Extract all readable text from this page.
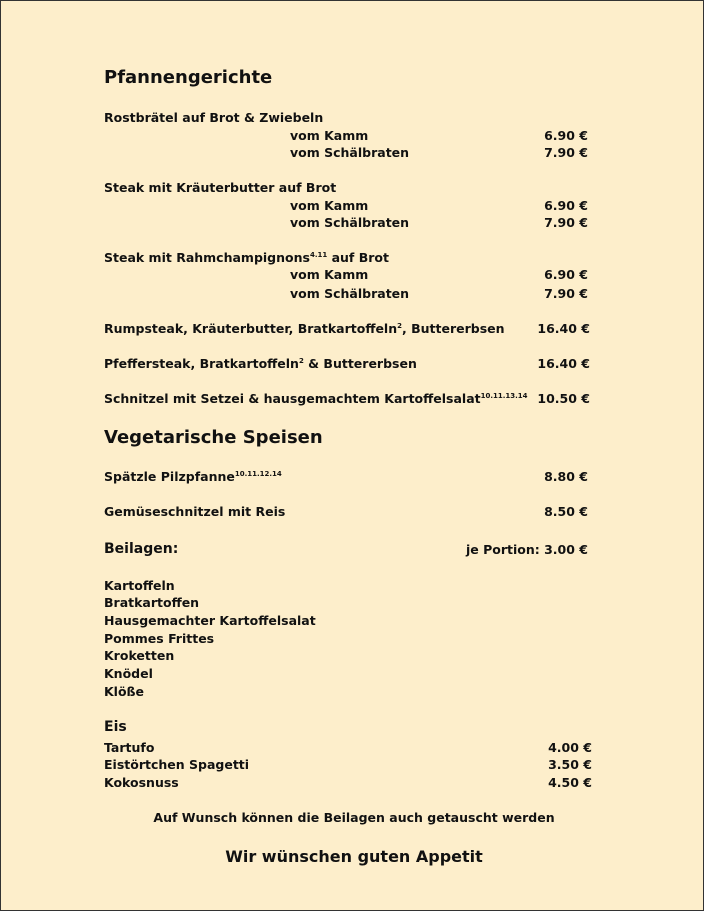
Pfannengerichte
Rostbrätel auf Brot & Zwiebeln
vom Kamm	6.90 €
vom Schälbraten	7.90 €
Steak mit Kräuterbutter auf Brot
vom Kamm	6.90 €
vom Schälbraten	7.90 €
Steak mit Rahmchampignons$^{4.11}$ auf Brot
vom Kamm	6.90 €
vom Schälbraten	7.90 €
Rumpsteak, Kräuterbutter, Bratkartoffeln$^2$, Buttererbsen	16.40 €
Pfeffersteak, Bratkartoffeln$^2$ & Buttererbsen	16.40 €
Schnitzel mit Setzei & hausgemachtem Kartoffelsalat$^{10.11.13.14}$ 10.50 €
Vegetarische Speisen
Spätzle Pilzpfanne$^{10.11.12.14}$	8.80 €
Gemüseschnitzel mit Reis	8.50 €
Beilagen:	je Portion: 3.00 €
Kartoffeln
Bratkartoffen
Hausgemachter Kartoffelsalat
Pommes Frittes
Kroketten
Knödel
Klöße
Eis
Tartufo	4.00 €
Eistörtchen Spagetti	3.50 €
Kokosnuss	4.50 €
Auf Wunsch können die Beilagen auch getauscht werden
Wir wünschen guten Appetit
